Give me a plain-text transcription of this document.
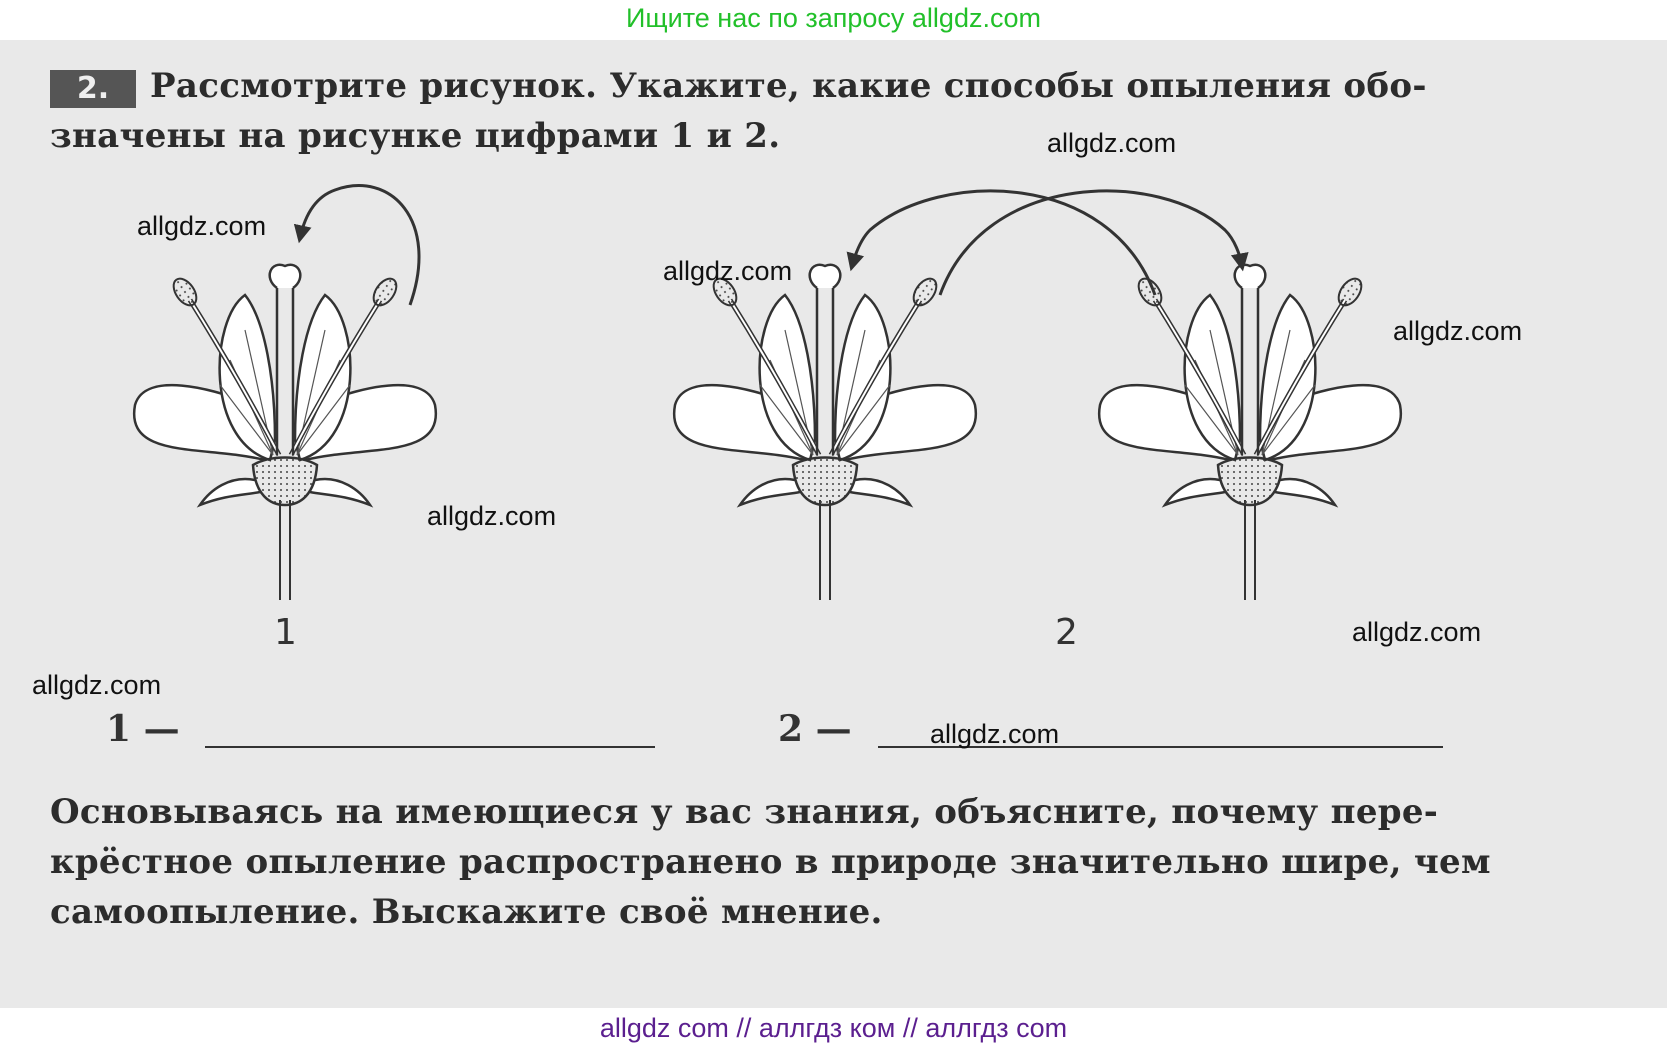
Ищите нас по запросу allgdz.com
2.	Рассмотрите рисунок. Укажите, какие способы опыления обо-
значены на рисунке цифрами 1 и 2.
1	2
1 —	2 —
Основываясь на имеющиеся у вас знания, объясните, почему пере-
крёстное опыление распространено в природе значительно шире, чем
самоопыление. Выскажите своё мнение.
allgdz.com
allgdz.com
allgdz.com
allgdz.com
allgdz.com
allgdz.com
allgdz.com
allgdz.com
allgdz com // аллгдз ком // аллгдз com
